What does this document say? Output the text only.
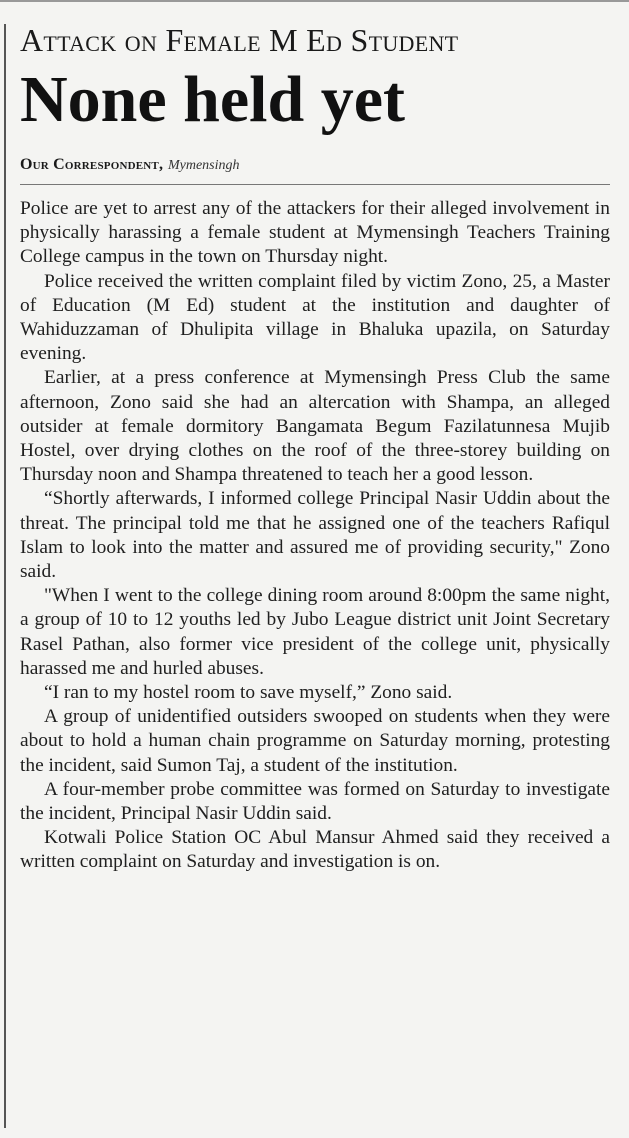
Attack on Female M Ed Student
None held yet
Our Correspondent, Mymensingh

Police are yet to arrest any of the attackers for their alleged involvement in physically harassing a female student at Mymensingh Teachers Training College campus in the town on Thursday night.

Police received the written complaint filed by victim Zono, 25, a Master of Education (M Ed) student at the institution and daughter of Wahiduzzaman of Dhulipita village in Bhaluka upazila, on Saturday evening.

Earlier, at a press conference at Mymensingh Press Club the same afternoon, Zono said she had an altercation with Shampa, an alleged outsider at female dormitory Bangamata Begum Fazilatunnesa Mujib Hostel, over drying clothes on the roof of the three-storey building on Thursday noon and Shampa threatened to teach her a good lesson.

“Shortly afterwards, I informed college Principal Nasir Uddin about the threat. The principal told me that he assigned one of the teachers Rafiqul Islam to look into the matter and assured me of providing security," Zono said.

"When I went to the college dining room around 8:00pm the same night, a group of 10 to 12 youths led by Jubo League district unit Joint Secretary Rasel Pathan, also former vice president of the college unit, physically harassed me and hurled abuses.

“I ran to my hostel room to save myself,” Zono said.

A group of unidentified outsiders swooped on students when they were about to hold a human chain programme on Saturday morning, protesting the incident, said Sumon Taj, a student of the institution.

A four-member probe committee was formed on Saturday to investigate the incident, Principal Nasir Uddin said.

Kotwali Police Station OC Abul Mansur Ahmed said they received a written complaint on Saturday and investigation is on.
